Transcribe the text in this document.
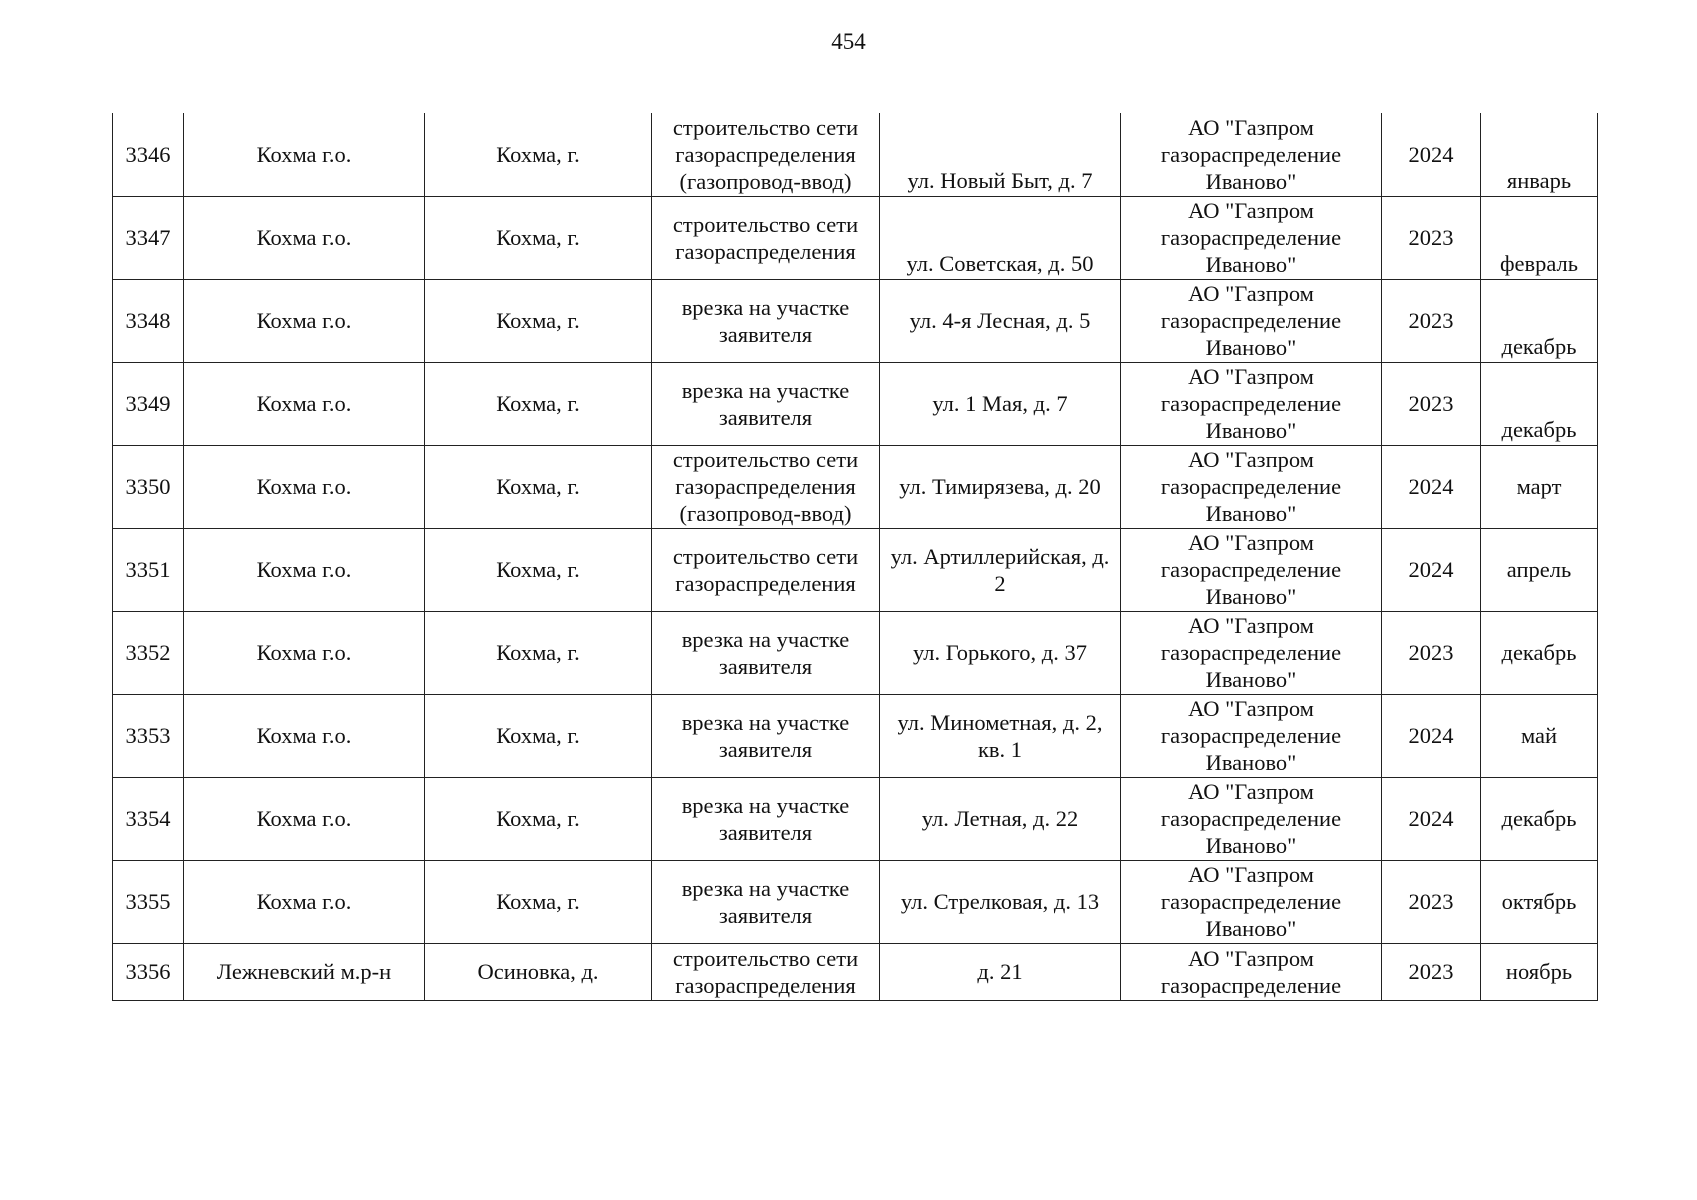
454
3346	Кохма г.о.	Кохма, г.	строительство сети газораспределения (газопровод-ввод)	ул. Новый Быт, д. 7	АО "Газпром газораспределение Иваново"	2024	январь

3347	Кохма г.о.	Кохма, г.	строительство сети газораспределения	ул. Советская, д. 50	АО "Газпром газораспределение Иваново"	2023	февраль

3348	Кохма г.о.	Кохма, г.	врезка на участке заявителя	ул. 4-я Лесная, д. 5	АО "Газпром газораспределение Иваново"	2023	декабрь

3349	Кохма г.о.	Кохма, г.	врезка на участке заявителя	ул. 1 Мая, д. 7	АО "Газпром газораспределение Иваново"	2023	декабрь

3350	Кохма г.о.	Кохма, г.	строительство сети газораспределения (газопровод-ввод)	ул. Тимирязева, д. 20	АО "Газпром газораспределение Иваново"	2024	март

3351	Кохма г.о.	Кохма, г.	строительство сети газораспределения	ул. Артиллерийская, д. 2	АО "Газпром газораспределение Иваново"	2024	апрель

3352	Кохма г.о.	Кохма, г.	врезка на участке заявителя	ул. Горького, д. 37	АО "Газпром газораспределение Иваново"	2023	декабрь

3353	Кохма г.о.	Кохма, г.	врезка на участке заявителя	ул. Минометная, д. 2, кв. 1	АО "Газпром газораспределение Иваново"	2024	май

3354	Кохма г.о.	Кохма, г.	врезка на участке заявителя	ул. Летная, д. 22	АО "Газпром газораспределение Иваново"	2024	декабрь

3355	Кохма г.о.	Кохма, г.	врезка на участке заявителя	ул. Стрелковая, д. 13	АО "Газпром газораспределение Иваново"	2023	октябрь

3356	Лежневский м.р-н	Осиновка, д.	строительство сети газораспределения	д. 21	АО "Газпром газораспределение	2023	ноябрь
